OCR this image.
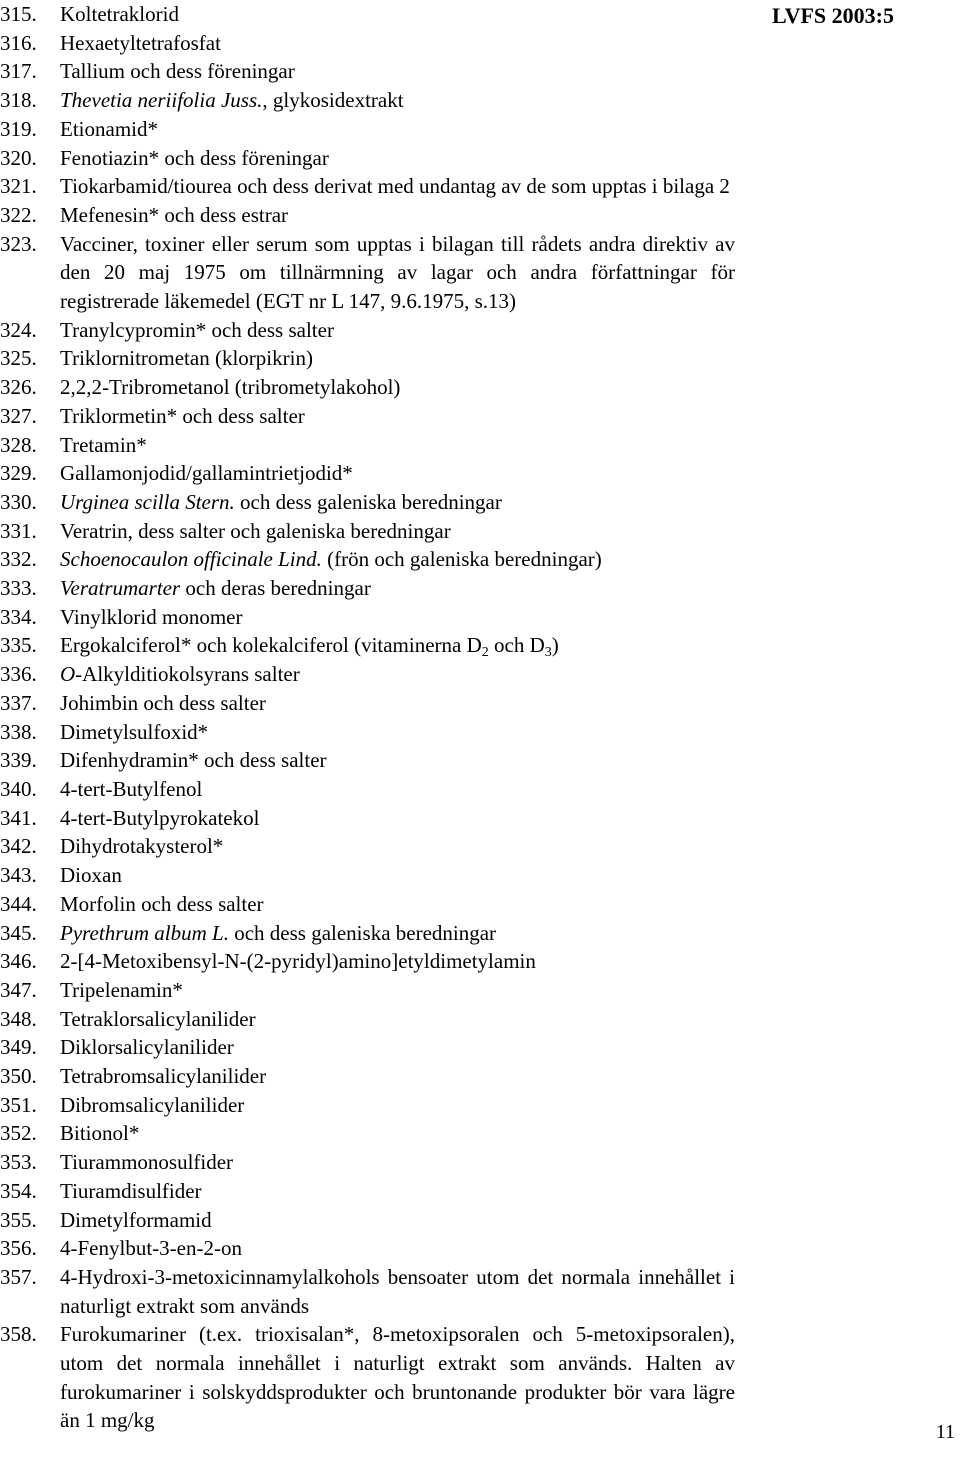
LVFS 2003:5
315. Koltetraklorid
316. Hexaetyltetrafosfat
317. Tallium och dess föreningar
318. Thevetia neriifolia Juss., glykosidextrakt
319. Etionamid*
320. Fenotiazin* och dess föreningar
321. Tiokarbamid/tiourea och dess derivat med undantag av de som upptas i bilaga 2
322. Mefenesin* och dess estrar
323. Vacciner, toxiner eller serum som upptas i bilagan till rådets andra direktiv av den 20 maj 1975 om tillnärmning av lagar och andra författningar för registrerade läkemedel (EGT nr L 147, 9.6.1975, s.13)
324. Tranylcypromin* och dess salter
325. Triklornitrometan (klorpikrin)
326. 2,2,2-Tribrometanol (tribrometylakohol)
327. Triklormetin* och dess salter
328. Tretamin*
329. Gallamonjodid/gallamintrietjodid*
330. Urginea scilla Stern. och dess galeniska beredningar
331. Veratrin, dess salter och galeniska beredningar
332. Schoenocaulon officinale Lind. (frön och galeniska beredningar)
333. Veratrumarter och deras beredningar
334. Vinylklorid monomer
335. Ergokalciferol* och kolekalciferol (vitaminerna $D_2$ och $D_3$)
336. O-Alkylditiokolsyrans salter
337. Johimbin och dess salter
338. Dimetylsulfoxid*
339. Difenhydramin* och dess salter
340. 4-tert-Butylfenol
341. 4-tert-Butylpyrokatekol
342. Dihydrotakysterol*
343. Dioxan
344. Morfolin och dess salter
345. Pyrethrum album L. och dess galeniska beredningar
346. 2-[4-Metoxibensyl-N-(2-pyridyl)amino]etyldimetylamin
347. Tripelenamin*
348. Tetraklorsalicylanilider
349. Diklorsalicylanilider
350. Tetrabromsalicylanilider
351. Dibromsalicylanilider
352. Bitionol*
353. Tiurammonosulfider
354. Tiuramdisulfider
355. Dimetylformamid
356. 4-Fenylbut-3-en-2-on
357. 4-Hydroxi-3-metoxicinnamylalkohols bensoater utom det normala innehållet i naturligt extrakt som används
358. Furokumariner (t.ex. trioxisalan*, 8-metoxipsoralen och 5-metoxipsoralen), utom det normala innehållet i naturligt extrakt som används. Halten av furokumariner i solskyddsprodukter och bruntonande produkter bör vara lägre än 1 mg/kg	11
